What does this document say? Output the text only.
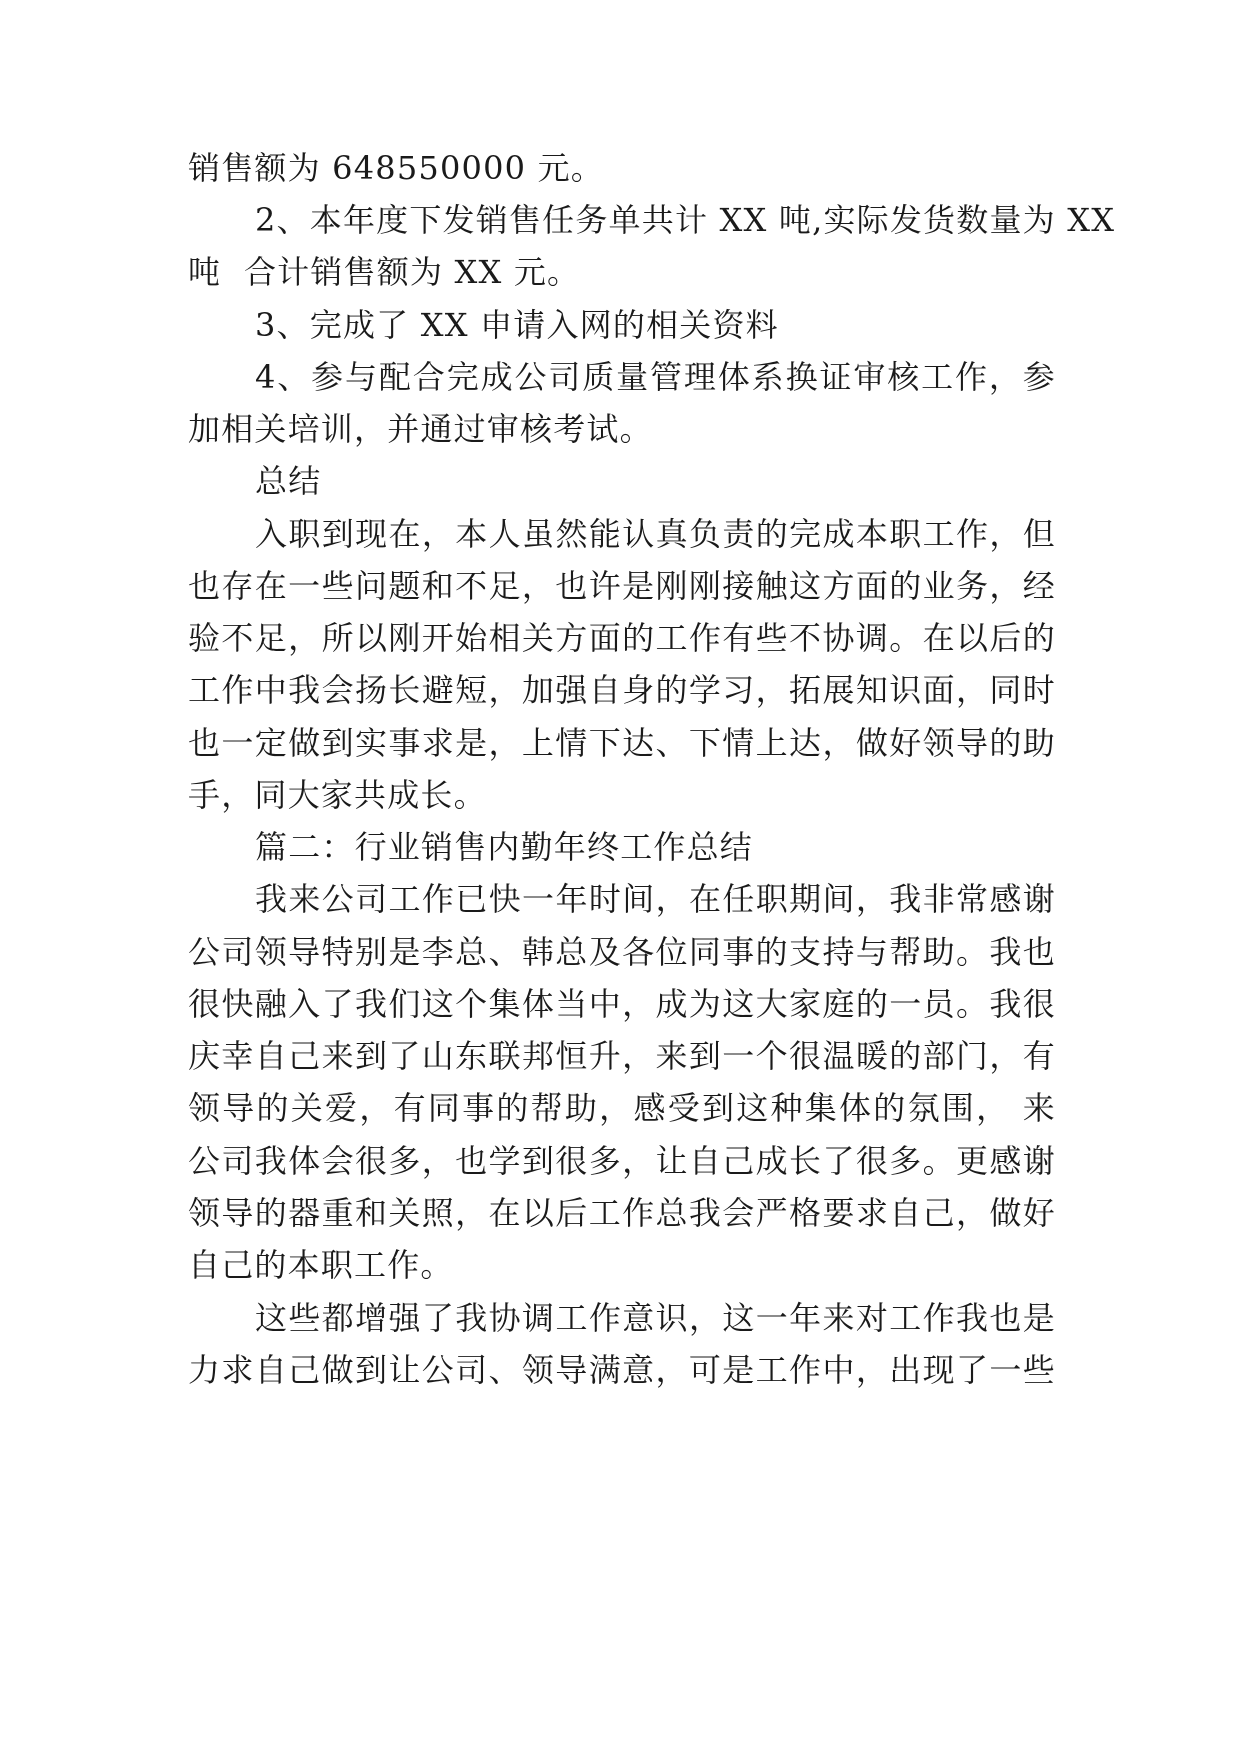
销售额为 648550000 元。
2、本年度下发销售任务单共计 XX 吨,实际发货数量为 XX
吨  合计销售额为 XX 元。
3、完成了 XX 申请入网的相关资料
4、参与配合完成公司质量管理体系换证审核工作，参
加相关培训，并通过审核考试。
总结
入职到现在，本人虽然能认真负责的完成本职工作，但
也存在一些问题和不足，也许是刚刚接触这方面的业务，经
验不足，所以刚开始相关方面的工作有些不协调。在以后的
工作中我会扬长避短，加强自身的学习，拓展知识面，同时
也一定做到实事求是，上情下达、下情上达，做好领导的助
手，同大家共成长。
篇二：行业销售内勤年终工作总结
我来公司工作已快一年时间，在任职期间，我非常感谢
公司领导特别是李总、韩总及各位同事的支持与帮助。我也
很快融入了我们这个集体当中，成为这大家庭的一员。我很
庆幸自己来到了山东联邦恒升，来到一个很温暖的部门，有
领导的关爱，有同事的帮助，感受到这种集体的氛围， 来
公司我体会很多，也学到很多，让自己成长了很多。更感谢
领导的器重和关照，在以后工作总我会严格要求自己，做好
自己的本职工作。
这些都增强了我协调工作意识，这一年来对工作我也是
力求自己做到让公司、领导满意，可是工作中，出现了一些
